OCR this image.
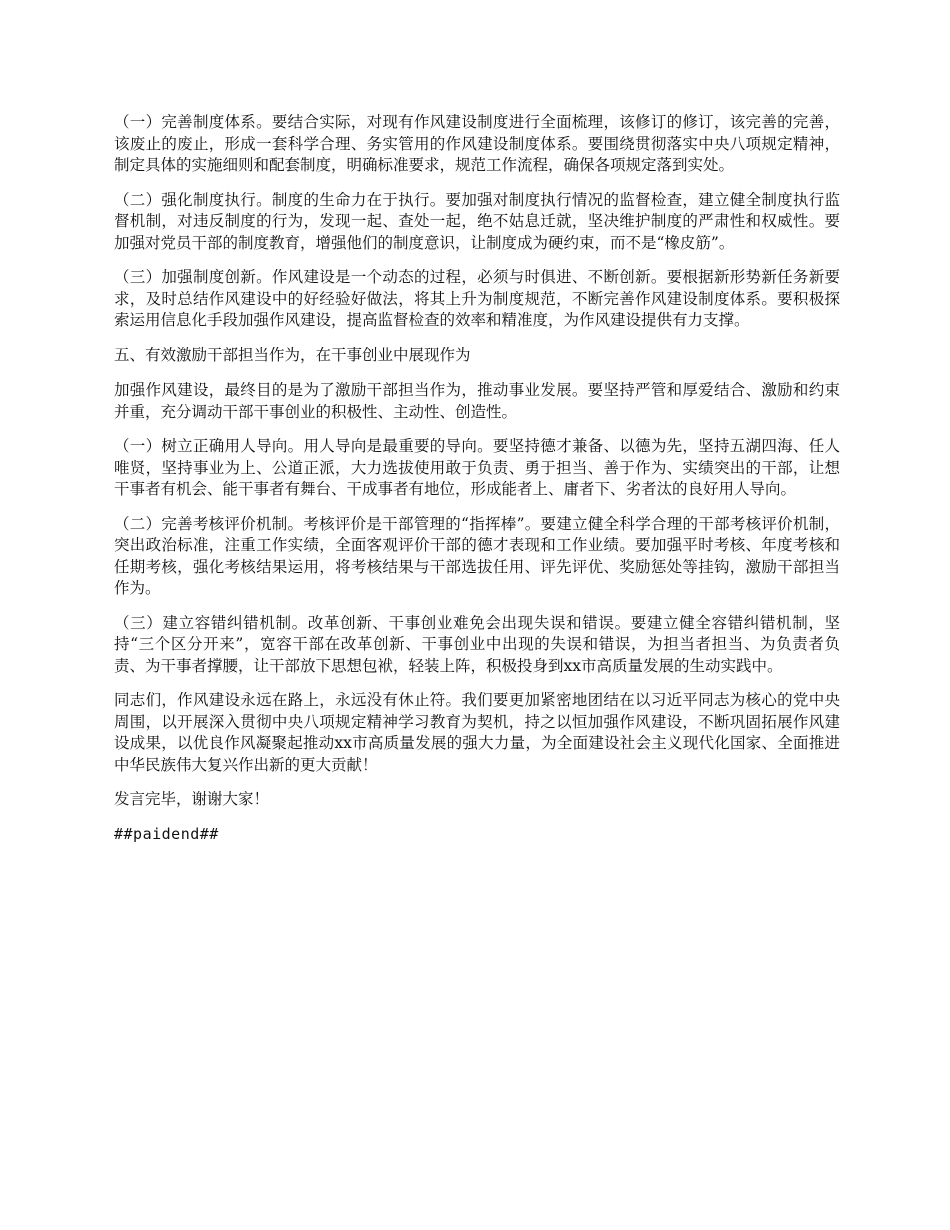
（一）完善制度体系。要结合实际，对现有作风建设制度进行全面梳理，该修订的修订，该完善的完善，该废止的废止，形成一套科学合理、务实管用的作风建设制度体系。要围绕贯彻落实中央八项规定精神，制定具体的实施细则和配套制度，明确标准要求，规范工作流程，确保各项规定落到实处。

（二）强化制度执行。制度的生命力在于执行。要加强对制度执行情况的监督检查，建立健全制度执行监督机制，对违反制度的行为，发现一起、查处一起，绝不姑息迁就，坚决维护制度的严肃性和权威性。要加强对党员干部的制度教育，增强他们的制度意识，让制度成为硬约束，而不是“橡皮筋”。

（三）加强制度创新。作风建设是一个动态的过程，必须与时俱进、不断创新。要根据新形势新任务新要求，及时总结作风建设中的好经验好做法，将其上升为制度规范，不断完善作风建设制度体系。要积极探索运用信息化手段加强作风建设，提高监督检查的效率和精准度，为作风建设提供有力支撑。

五、有效激励干部担当作为，在干事创业中展现作为

加强作风建设，最终目的是为了激励干部担当作为，推动事业发展。要坚持严管和厚爱结合、激励和约束并重，充分调动干部干事创业的积极性、主动性、创造性。

（一）树立正确用人导向。用人导向是最重要的导向。要坚持德才兼备、以德为先，坚持五湖四海、任人唯贤，坚持事业为上、公道正派，大力选拔使用敢于负责、勇于担当、善于作为、实绩突出的干部，让想干事者有机会、能干事者有舞台、干成事者有地位，形成能者上、庸者下、劣者汰的良好用人导向。

（二）完善考核评价机制。考核评价是干部管理的“指挥棒”。要建立健全科学合理的干部考核评价机制，突出政治标准，注重工作实绩，全面客观评价干部的德才表现和工作业绩。要加强平时考核、年度考核和任期考核，强化考核结果运用，将考核结果与干部选拔任用、评先评优、奖励惩处等挂钩，激励干部担当作为。

（三）建立容错纠错机制。改革创新、干事创业难免会出现失误和错误。要建立健全容错纠错机制，坚持“三个区分开来”，宽容干部在改革创新、干事创业中出现的失误和错误，为担当者担当、为负责者负责、为干事者撑腰，让干部放下思想包袱，轻装上阵，积极投身到xx市高质量发展的生动实践中。

同志们，作风建设永远在路上，永远没有休止符。我们要更加紧密地团结在以习近平同志为核心的党中央周围，以开展深入贯彻中央八项规定精神学习教育为契机，持之以恒加强作风建设，不断巩固拓展作风建设成果，以优良作风凝聚起推动xx市高质量发展的强大力量，为全面建设社会主义现代化国家、全面推进中华民族伟大复兴作出新的更大贡献！

发言完毕，谢谢大家！

##paidend##
